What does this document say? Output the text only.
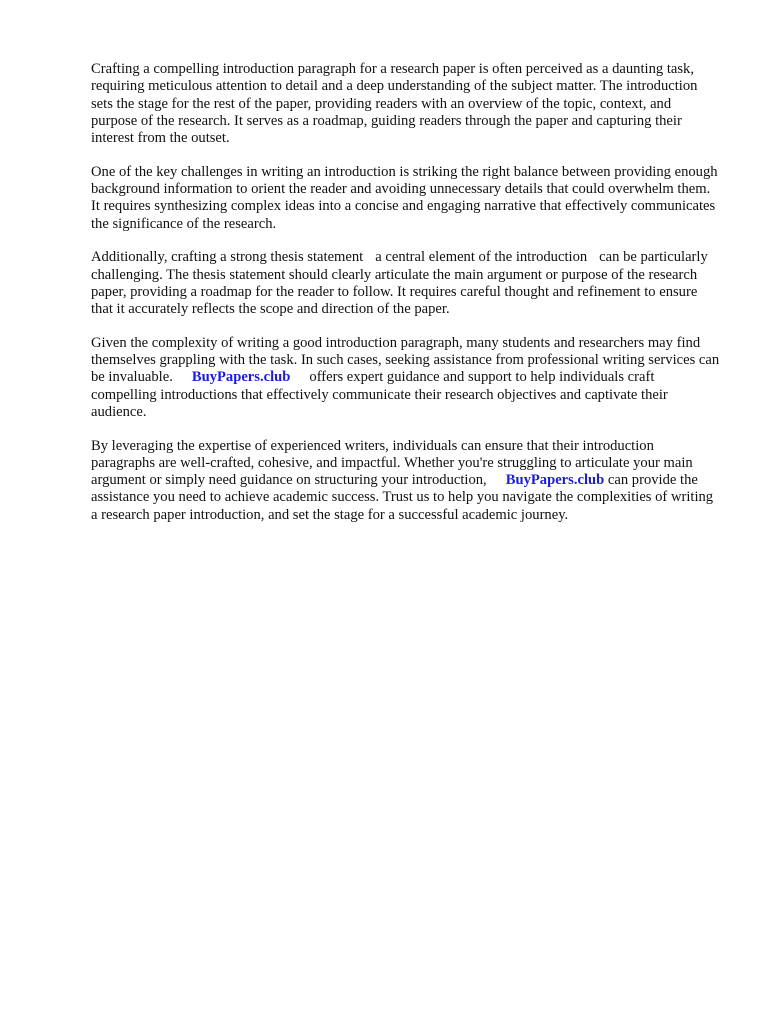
Crafting a compelling introduction paragraph for a research paper is often perceived as a daunting task, requiring meticulous attention to detail and a deep understanding of the subject matter. The introduction sets the stage for the rest of the paper, providing readers with an overview of the topic, context, and purpose of the research. It serves as a roadmap, guiding readers through the paper and capturing their interest from the outset.

One of the key challenges in writing an introduction is striking the right balance between providing enough background information to orient the reader and avoiding unnecessary details that could overwhelm them. It requires synthesizing complex ideas into a concise and engaging narrative that effectively communicates the significance of the research.

Additionally, crafting a strong thesis statement a central element of the introduction can be particularly challenging. The thesis statement should clearly articulate the main argument or purpose of the research paper, providing a roadmap for the reader to follow. It requires careful thought and refinement to ensure that it accurately reflects the scope and direction of the paper.

Given the complexity of writing a good introduction paragraph, many students and researchers may find themselves grappling with the task. In such cases, seeking assistance from professional writing services can be invaluable. BuyPapers.club offers expert guidance and support to help individuals craft compelling introductions that effectively communicate their research objectives and captivate their audience.

By leveraging the expertise of experienced writers, individuals can ensure that their introduction paragraphs are well-crafted, cohesive, and impactful. Whether you're struggling to articulate your main argument or simply need guidance on structuring your introduction, BuyPapers.club can provide the assistance you need to achieve academic success. Trust us to help you navigate the complexities of writing a research paper introduction, and set the stage for a successful academic journey.
